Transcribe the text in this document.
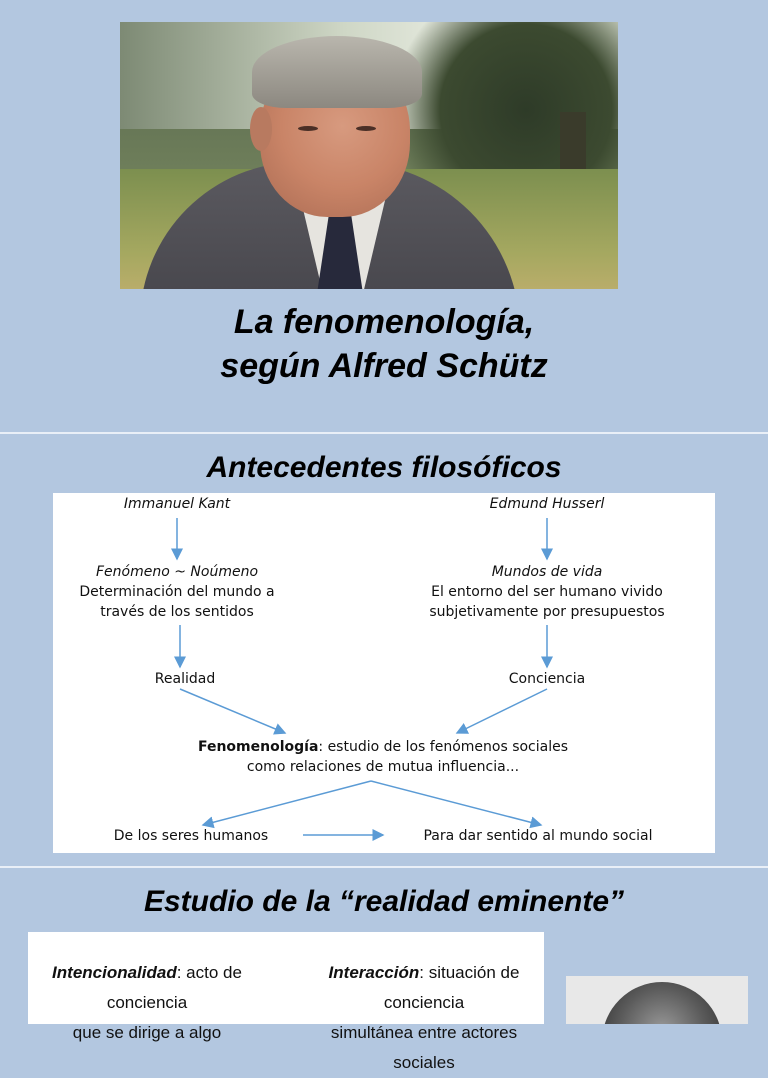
La fenomenología,
según Alfred Schütz
Antecedentes filosóficos
Immanuel Kant	Edmund Husserl
Fenómeno ~ Noúmeno
Determinación del mundo a
través de los sentidos
Mundos de vida
El entorno del ser humano vivido
subjetivamente por presupuestos
Realidad	Conciencia
Fenomenología: estudio de los fenómenos sociales
como relaciones de mutua influencia...
De los seres humanos	Para dar sentido al mundo social
Estudio de la “realidad eminente”
Intencionalidad: acto de conciencia
que se dirige a algo
Interacción: situación de conciencia
simultánea entre actores sociales
